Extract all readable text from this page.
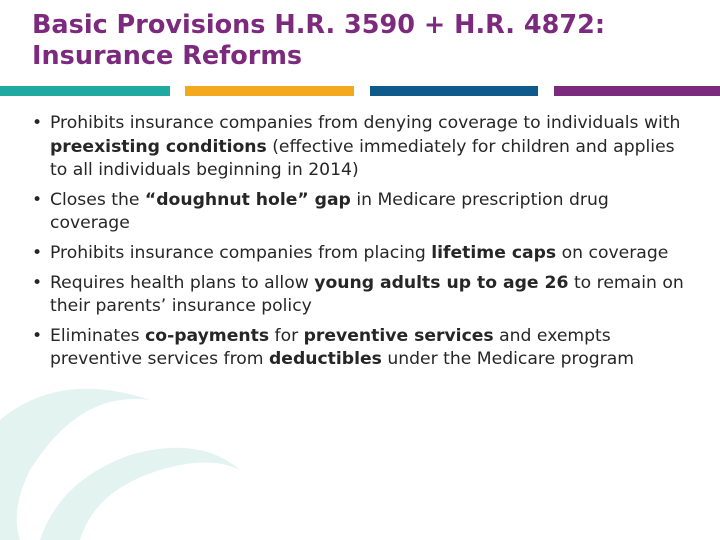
Basic Provisions H.R. 3590 + H.R. 4872:
Insurance Reforms
• Prohibits insurance companies from denying coverage to individuals with preexisting conditions (effective immediately for children and applies to all individuals beginning in 2014)
• Closes the “doughnut hole” gap in Medicare prescription drug coverage
• Prohibits insurance companies from placing lifetime caps on coverage
• Requires health plans to allow young adults up to age 26 to remain on their parents’ insurance policy
• Eliminates co-payments for preventive services and exempts preventive services from deductibles under the Medicare program
